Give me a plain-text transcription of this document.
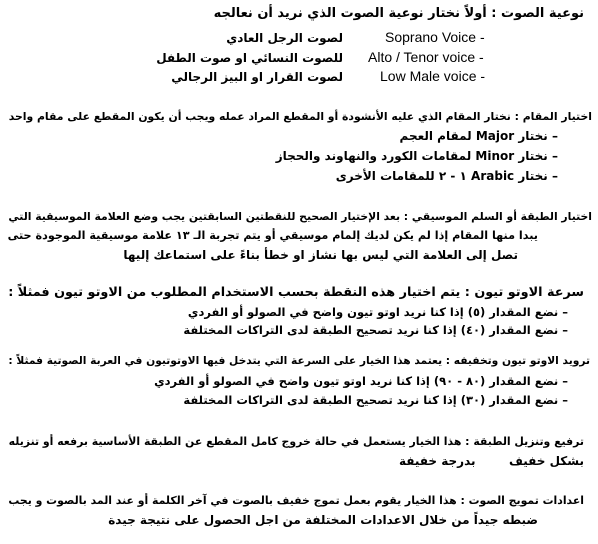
نوعية الصوت : أولاً نختار نوعية الصوت الذي نريد أن نعالجه
Soprano Voice -
لصوت الرجل العادي
Alto / Tenor voice -
للصوت النسائي او صوت الطفل
Low Male voice -
لصوت القرار او البيز الرجالي
اختيار المقام : نختار المقام الذي عليه الأنشودة أو المقطع المراد عمله ويجب أن يكون المقطع على مقام واحد
– نختار Major لمقام العجم
– نختار Minor لمقامات الكورد والنهاوند والحجاز
– نختار Arabic ١ - ٢ للمقامات الأخرى
اختيار الطبقة أو السلم الموسيقي : بعد الإختيار الصحيح للنقطتين السابقتين يجب وضع العلامة الموسيقية التي
يبدا منها المقام إذا لم يكن لديك إلمام موسيقي أو يتم تجربة الـ ١٣ علامة موسيقية الموجودة حتى
تصل إلى العلامة التي ليس بها نشاز او خطأ بناءً على استماعك إليها
سرعة الاوتو تيون : يتم اختيار هذه النقطة بحسب الاستخدام المطلوب من الاوتو تيون فمثلاً :
– نضع المقدار (٥) إذا كنا نريد اوتو تيون واضح في الصولو أو الفردي
– نضع المقدار (٤٠) إذا كنا نريد تصحيح الطبقة لدى التراكات المختلفة
ترويد الاوتو تيون وتخفيفه : يعتمد هذا الخيار على السرعة التي يتدخل فيها الاوتوتيون في العربة الصوتية فمثلاً :
– نضع المقدار (٨٠ - ٩٠) إذا كنا نريد اوتو تيون واضح في الصولو أو الفردي
– نضع المقدار (٣٠) إذا كنا نريد تصحيح الطبقة لدى التراكات المختلفة
ترفيع وتنزيل الطبقة : هذا الخيار يستعمل في حالة خروج كامل المقطع عن الطبقة الأساسية برفعه أو تنزيله
بشكل خفيف        بدرجة خفيفة
اعدادات تمويج الصوت : هذا الخيار يقوم بعمل تموج خفيف بالصوت في آخر الكلمة أو عند المد بالصوت و يجب
ضبطه جيداً من خلال الاعدادات المختلفة من اجل الحصول على نتيجة جيدة
